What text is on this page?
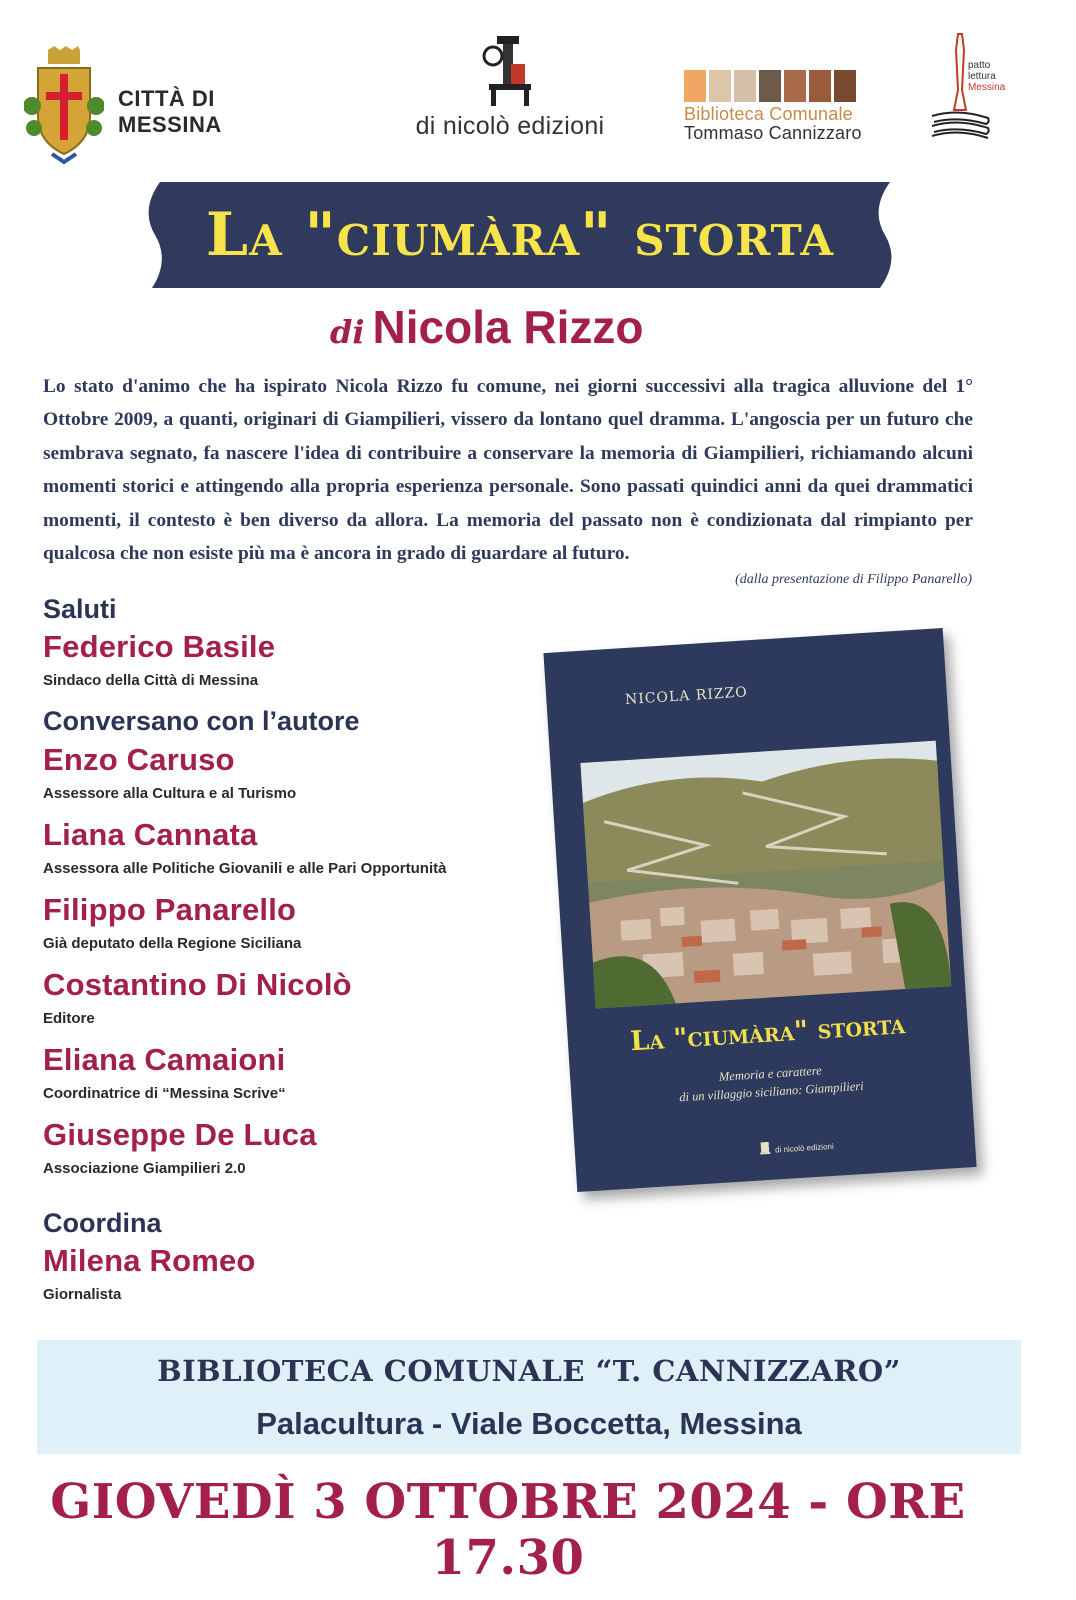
CITTÀ DI MESSINA	di nicolò edizioni	Biblioteca Comunale
Tommaso Cannizzaro
patto
lettura
Messina
La "ciumàra" storta
di Nicola Rizzo
Lo stato d'animo che ha ispirato Nicola Rizzo fu comune, nei giorni successivi alla tragica alluvione del 1° Ottobre 2009, a quanti, originari di Giampilieri, vissero da lontano quel dramma. L'angoscia per un futuro che sembrava segnato, fa nascere l'idea di contribuire a conservare la memoria di Giampilieri, richiamando alcuni momenti storici e attingendo alla propria esperienza personale. Sono passati quindici anni da quei drammatici momenti, il contesto è ben diverso da allora. La memoria del passato non è condizionata dal rimpianto per qualcosa che non esiste più ma è ancora in grado di guardare al futuro.
(dalla presentazione di Filippo Panarello)
Saluti
Federico Basile
Sindaco della Città di Messina
Conversano con l’autore
Enzo Caruso
Assessore alla Cultura e al Turismo
Liana Cannata
Assessora alle Politiche Giovanili e alle Pari Opportunità
Filippo Panarello
Già deputato della Regione Siciliana
Costantino Di Nicolò
Editore
Eliana Camaioni
Coordinatrice di “Messina Scrive“
Giuseppe De Luca
Associazione Giampilieri 2.0
Coordina
Milena Romeo
Giornalista
NICOLA RIZZO
La "ciumàra" storta
Memoria e carattere
di un villaggio siciliano: Giampilieri
di nicolò edizioni
BIBLIOTECA COMUNALE “T. CANNIZZARO”
Palacultura - Viale Boccetta, Messina
GIOVEDÌ 3 OTTOBRE 2024 - ORE 17.30
